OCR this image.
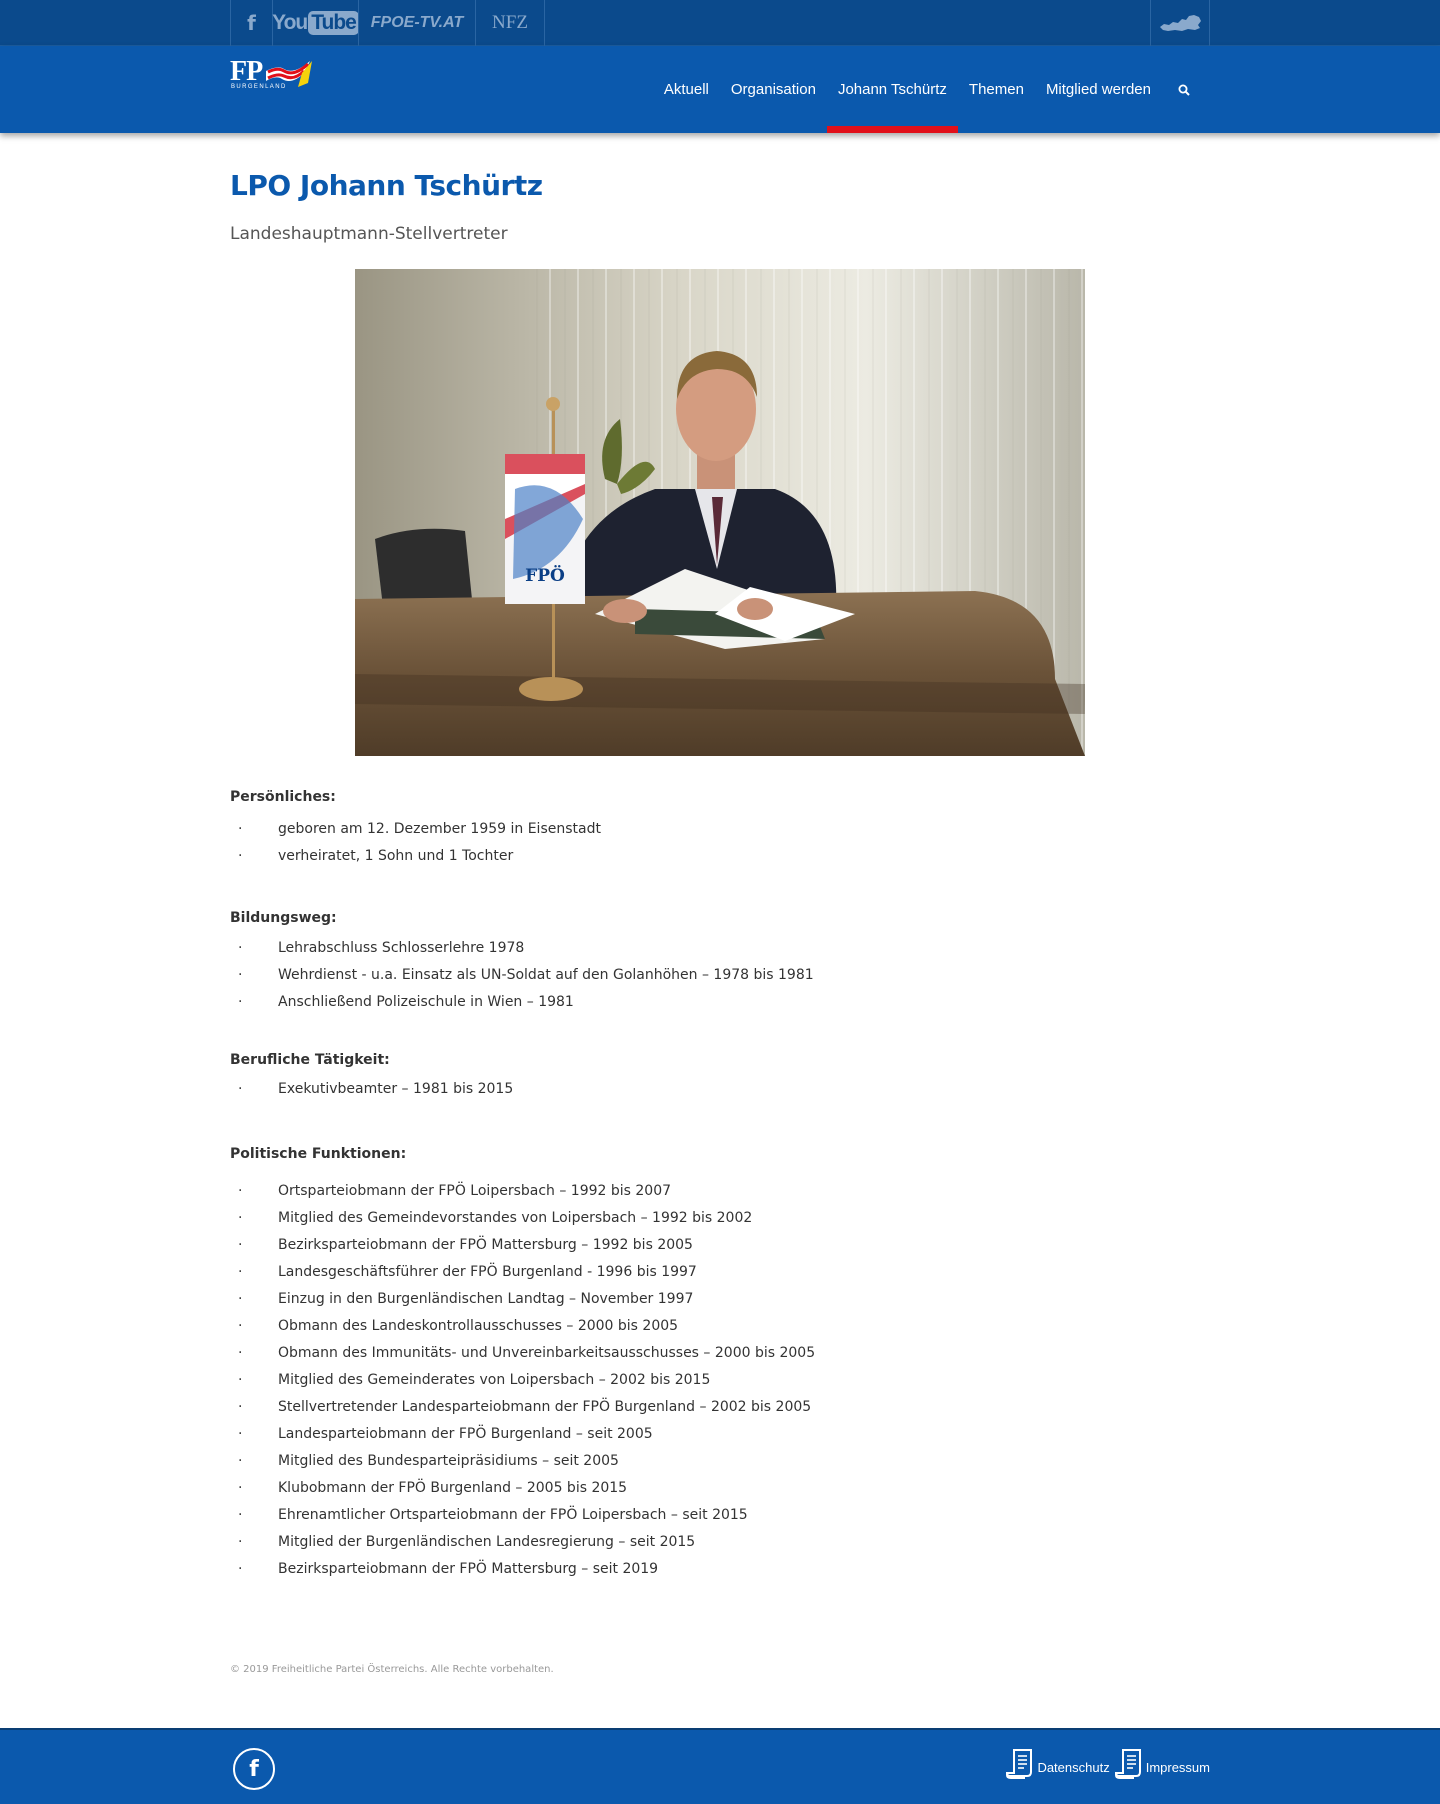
f You Tube FPOE-TV.AT NFZ
FP
BURGENLAND	Aktuell	Organisation	Johann Tschürtz	Themen	Mitglied werden
LPO Johann Tschürtz
Landeshauptmann-Stellvertreter
FPÖ
Persönliches:
· geboren am 12. Dezember 1959 in Eisenstadt
· verheiratet, 1 Sohn und 1 Tochter
Bildungsweg:
· Lehrabschluss Schlosserlehre 1978
· Wehrdienst - u.a. Einsatz als UN-Soldat auf den Golanhöhen – 1978 bis 1981
· Anschließend Polizeischule in Wien – 1981
Berufliche Tätigkeit:
· Exekutivbeamter – 1981 bis 2015
Politische Funktionen:
· Ortsparteiobmann der FPÖ Loipersbach – 1992 bis 2007
· Mitglied des Gemeindevorstandes von Loipersbach – 1992 bis 2002
· Bezirksparteiobmann der FPÖ Mattersburg – 1992 bis 2005
· Landesgeschäftsführer der FPÖ Burgenland - 1996 bis 1997
· Einzug in den Burgenländischen Landtag – November 1997
· Obmann des Landeskontrollausschusses – 2000 bis 2005
· Obmann des Immunitäts- und Unvereinbarkeitsausschusses – 2000 bis 2005
· Mitglied des Gemeinderates von Loipersbach – 2002 bis 2015
· Stellvertretender Landesparteiobmann der FPÖ Burgenland – 2002 bis 2005
· Landesparteiobmann der FPÖ Burgenland – seit 2005
· Mitglied des Bundesparteipräsidiums – seit 2005
· Klubobmann der FPÖ Burgenland – 2005 bis 2015
· Ehrenamtlicher Ortsparteiobmann der FPÖ Loipersbach – seit 2015
· Mitglied der Burgenländischen Landesregierung – seit 2015
· Bezirksparteiobmann der FPÖ Mattersburg – seit 2019
© 2019 Freiheitliche Partei Österreichs. Alle Rechte vorbehalten.
f	Datenschutz	Impressum
